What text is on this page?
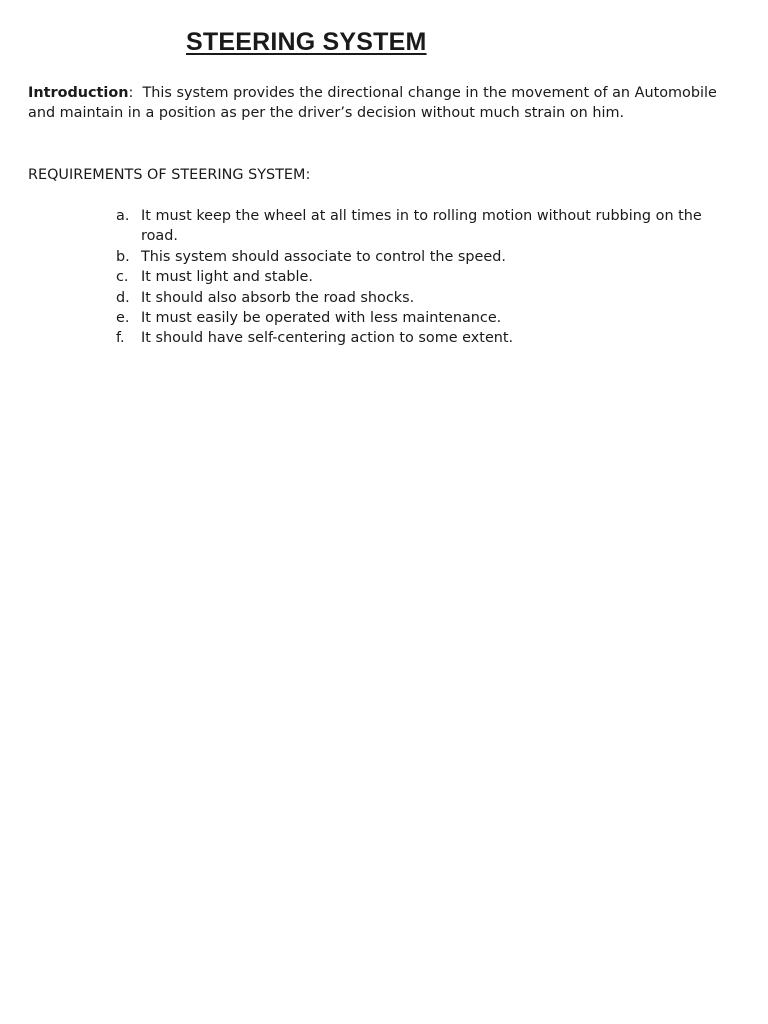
STEERING SYSTEM

Introduction: This system provides the directional change in the movement of an Automobile and maintain in a position as per the driver’s decision without much strain on him.

REQUIREMENTS OF STEERING SYSTEM:

a. It must keep the wheel at all times in to rolling motion without rubbing on the road.
b. This system should associate to control the speed.
c. It must light and stable.
d. It should also absorb the road shocks.
e. It must easily be operated with less maintenance.
f.	It should have self-centering action to some extent.
